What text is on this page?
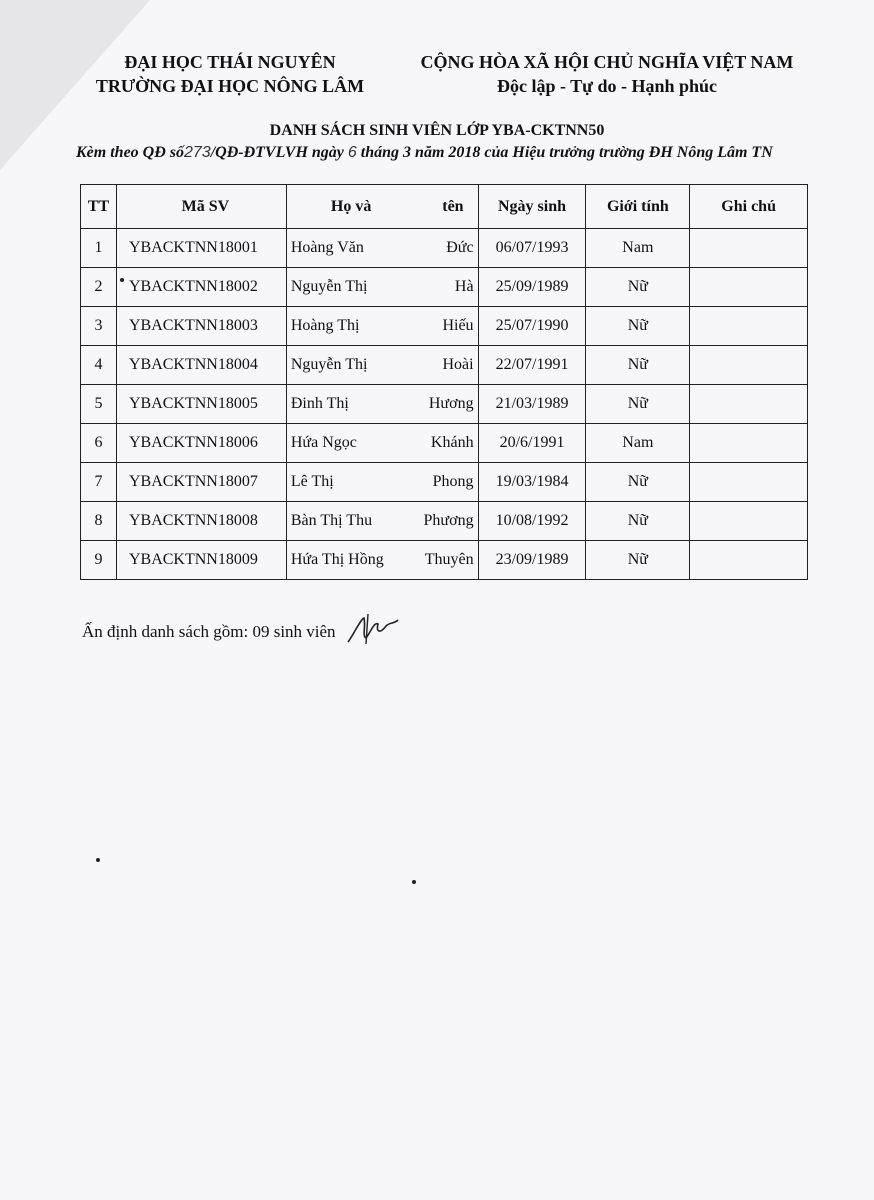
ĐẠI HỌC THÁI NGUYÊN
TRƯỜNG ĐẠI HỌC NÔNG LÂM
CỘNG HÒA XÃ HỘI CHỦ NGHĨA VIỆT NAM
Độc lập - Tự do - Hạnh phúc
DANH SÁCH SINH VIÊN LỚP YBA-CKTNN50
Kèm theo QĐ số273/QĐ-ĐTVLVH ngày 6 tháng 3 năm 2018 của Hiệu trưởng trường ĐH Nông Lâm TN
TT	Mã SV	Họ và tên	Ngày sinh	Giới tính	Ghi chú
1	YBACKTNN18001	Hoàng Văn Đức	06/07/1993	Nam	
2	YBACKTNN18002	Nguyễn Thị Hà	25/09/1989	Nữ	
3	YBACKTNN18003	Hoàng Thị Hiếu	25/07/1990	Nữ	
4	YBACKTNN18004	Nguyễn Thị Hoài	22/07/1991	Nữ	
5	YBACKTNN18005	Đinh Thị Hương	21/03/1989	Nữ	
6	YBACKTNN18006	Hứa Ngọc Khánh	20/6/1991	Nam	
7	YBACKTNN18007	Lê Thị Phong	19/03/1984	Nữ	
8	YBACKTNN18008	Bàn Thị Thu Phương	10/08/1992	Nữ	
9	YBACKTNN18009	Hứa Thị Hồng Thuyên	23/09/1989	Nữ	
Ấn định danh sách gồm: 09 sinh viên
